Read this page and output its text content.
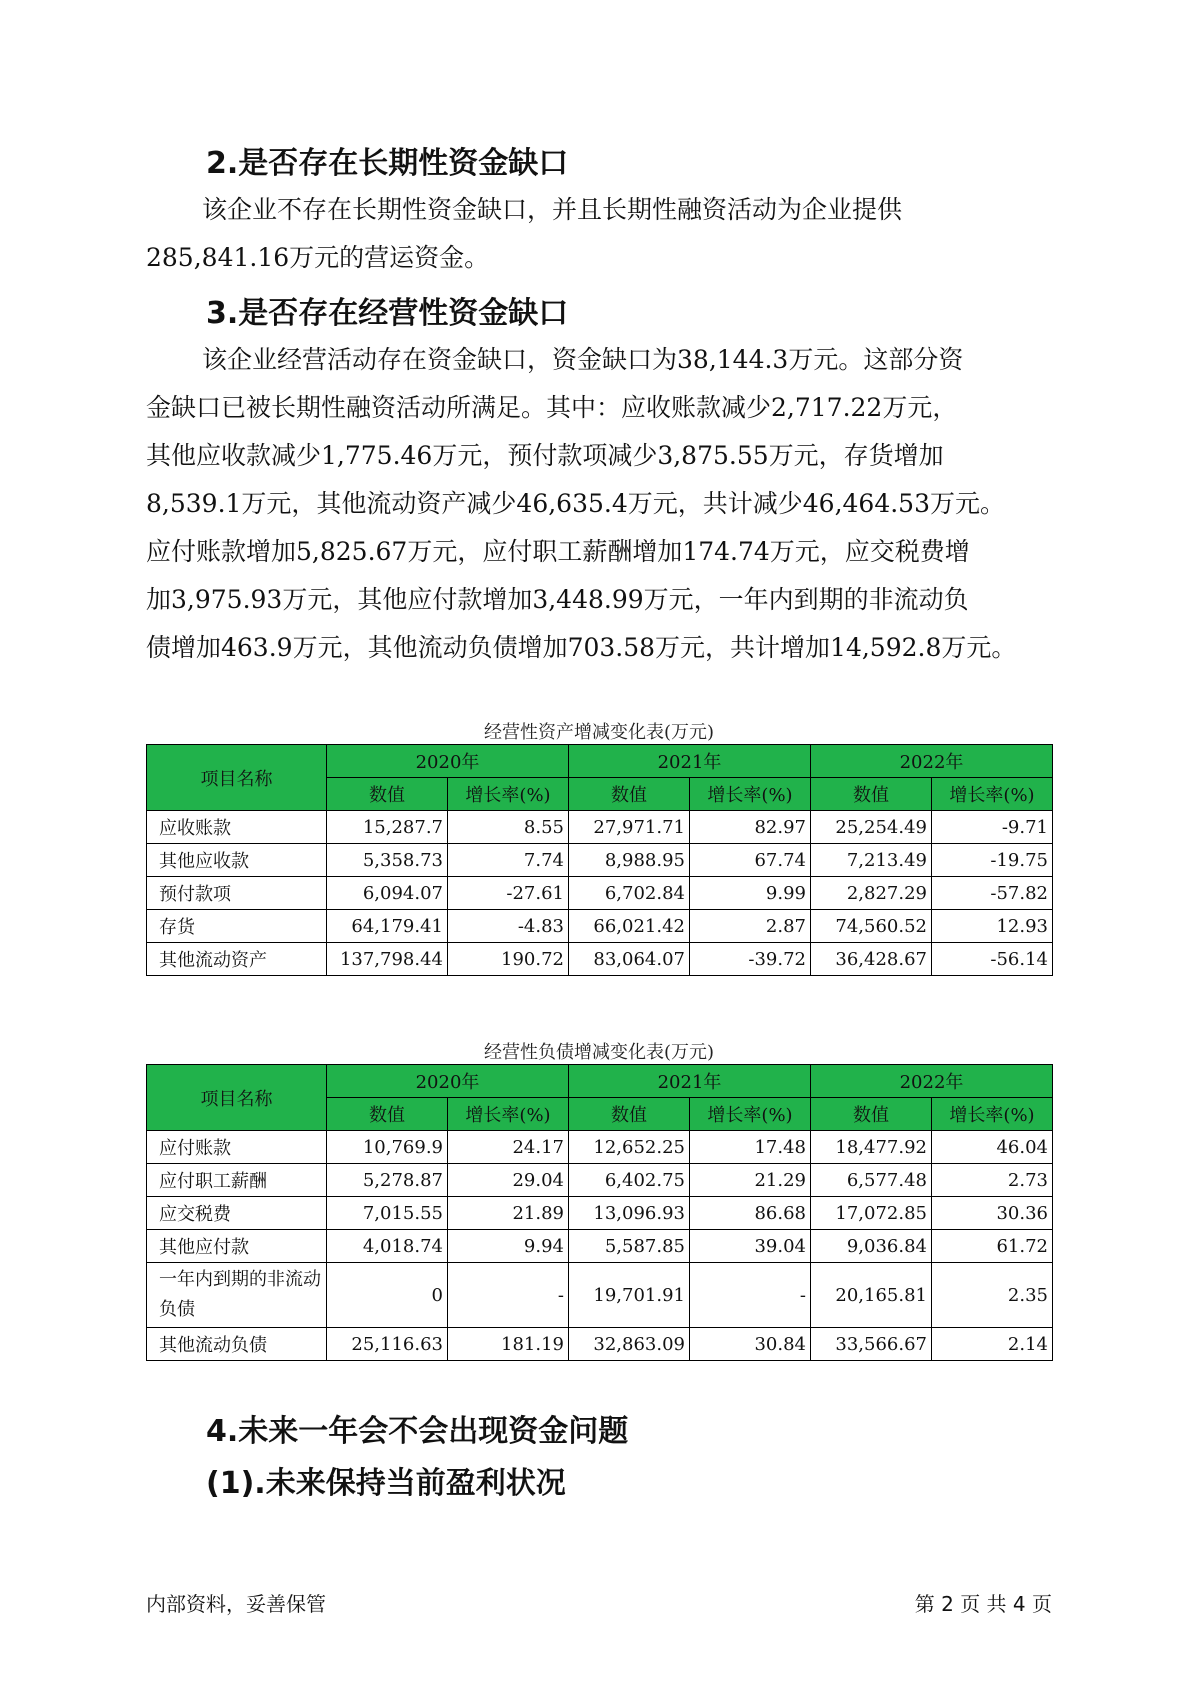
2.是否存在长期性资金缺口
该企业不存在长期性资金缺口，并且长期性融资活动为企业提供
285,841.16万元的营运资金。
3.是否存在经营性资金缺口
该企业经营活动存在资金缺口，资金缺口为38,144.3万元。这部分资
金缺口已被长期性融资活动所满足。其中：应收账款减少2,717.22万元，
其他应收款减少1,775.46万元，预付款项减少3,875.55万元，存货增加
8,539.1万元，其他流动资产减少46,635.4万元，共计减少46,464.53万元。
应付账款增加5,825.67万元，应付职工薪酬增加174.74万元，应交税费增
加3,975.93万元，其他应付款增加3,448.99万元，一年内到期的非流动负
债增加463.9万元，其他流动负债增加703.58万元，共计增加14,592.8万元。
经营性资产增减变化表(万元)
项目名称	2020年		2021年		2022年	
	数值	增长率(%)	数值	增长率(%)	数值	增长率(%)
应收账款	15,287.7	8.55	27,971.71	82.97	25,254.49	-9.71
其他应收款	5,358.73	7.74	8,988.95	67.74	7,213.49	-19.75
预付款项	6,094.07	-27.61	6,702.84	9.99	2,827.29	-57.82
存货	64,179.41	-4.83	66,021.42	2.87	74,560.52	12.93
其他流动资产	137,798.44	190.72	83,064.07	-39.72	36,428.67	-56.14
经营性负债增减变化表(万元)
项目名称	2020年		2021年		2022年	
	数值	增长率(%)	数值	增长率(%)	数值	增长率(%)
应付账款	10,769.9	24.17	12,652.25	17.48	18,477.92	46.04
应付职工薪酬	5,278.87	29.04	6,402.75	21.29	6,577.48	2.73
应交税费	7,015.55	21.89	13,096.93	86.68	17,072.85	30.36
其他应付款	4,018.74	9.94	5,587.85	39.04	9,036.84	61.72
一年内到期的非流动负债	0	-	19,701.91	-	20,165.81	2.35
其他流动负债	25,116.63	181.19	32,863.09	30.84	33,566.67	2.14
4.未来一年会不会出现资金问题
(1).未来保持当前盈利状况
内部资料，妥善保管	第 2 页 共 4 页
